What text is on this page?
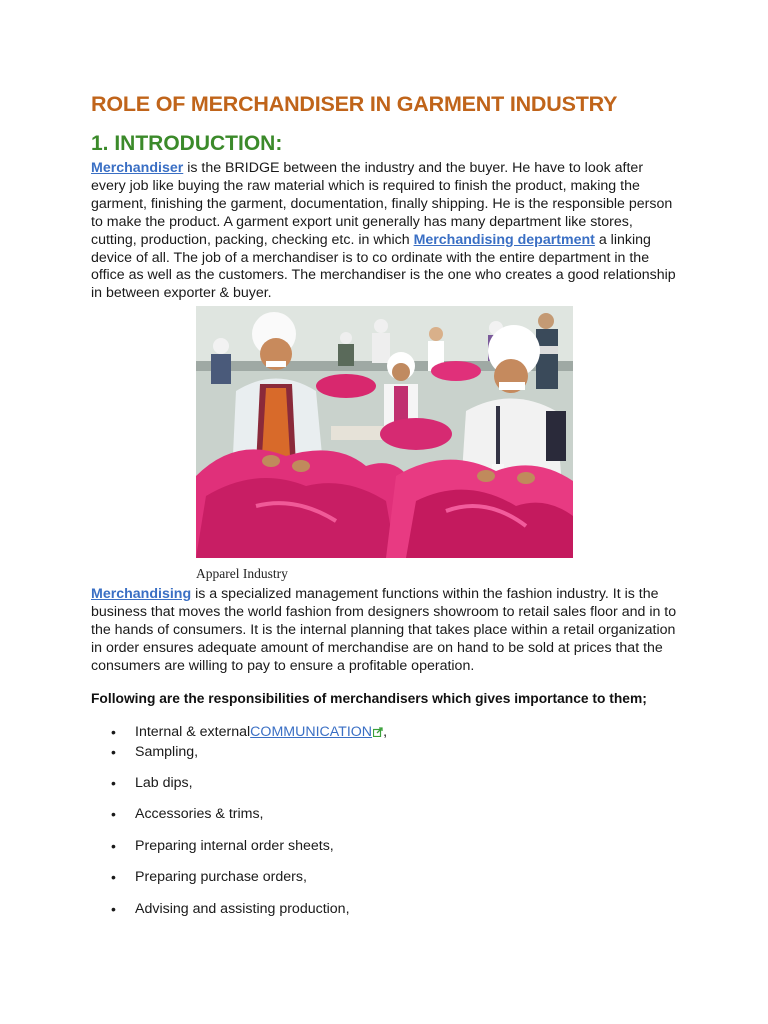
ROLE OF MERCHANDISER IN GARMENT INDUSTRY
1. INTRODUCTION:

Merchandiser is the BRIDGE between the industry and the buyer. He have to look after every job like buying the raw material which is required to finish the product, making the garment, finishing the garment, documentation, finally shipping. He is the responsible person to make the product. A garment export unit generally has many department like stores, cutting, production, packing, checking etc. in which Merchandising department a linking device of all. The job of a merchandiser is to co ordinate with the entire department in the office as well as the customers. The merchandiser is the one who creates a good relationship in between exporter & buyer.

Apparel Industry

Merchandising is a specialized management functions within the fashion industry. It is the business that moves the world fashion from designers showroom to retail sales floor and in to the hands of consumers. It is the internal planning that takes place within a retail organization in order ensures adequate amount of merchandise are on hand to be sold at prices that the consumers are willing to pay to ensure a profitable operation.

Following are the responsibilities of merchandisers which gives importance to them;

• Internal & externalCOMMUNICATION ,
• Sampling,
• Lab dips,
• Accessories & trims,
• Preparing internal order sheets,
• Preparing purchase orders,
• Advising and assisting production,
